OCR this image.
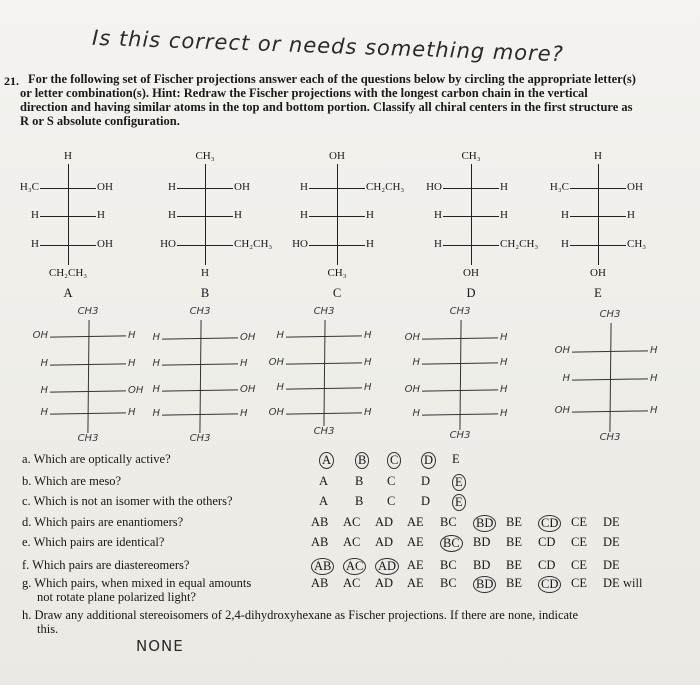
Is this correct or needs something more?
21. For the following set of Fischer projections answer each of the questions below by circling the appropriate letter(s)
or letter combination(s). Hint: Redraw the Fischer projections with the longest carbon chain in the vertical
direction and having similar atoms in the top and bottom portion. Classify all chiral centers in the first structure as
R or S absolute configuration.
H
CH₂CH₃
H₃C	OH
H	H
H	OH
A
CH₃
H
H	OH
H	H
HO	CH₂CH₃
B
OH
CH₃
H	CH₂CH₃
H	H
HO	H
C
CH₃
OH
HO	H
H	H
H	CH₂CH₃
D
H
OH
H₃C	OH
H	H
H	CH₃
E
CH3
CH3
OH	H
H	H
H	OH
H	H
CH3
CH3
H	OH
H	H
H	OH
H	H
CH3
CH3
H	H
OH	H
H	H
OH	H
CH3
CH3
OH	H
H	H
OH	H
H	H
CH3
CH3
OH	H
H	H
OH	H
a. Which are optically active?
b. Which are meso?
c. Which is not an isomer with the others?
d. Which pairs are enantiomers?
e. Which pairs are identical?
f. Which pairs are diastereomers?
g. Which pairs, when mixed in equal amounts
not rotate plane polarized light?
h. Draw any additional stereoisomers of 2,4-dihydroxyhexane as Fischer projections. If there are none, indicate
this.
A B C D E
A B C D E
A B C D E
AB AC AD AE BC BD BE CD CE DE
AB AC AD AE BC BD BE CD CE DE
AB AC AD AE BC BD BE CD CE DE
AB AC AD AE BC BD BE CD CE DE will
NONE
